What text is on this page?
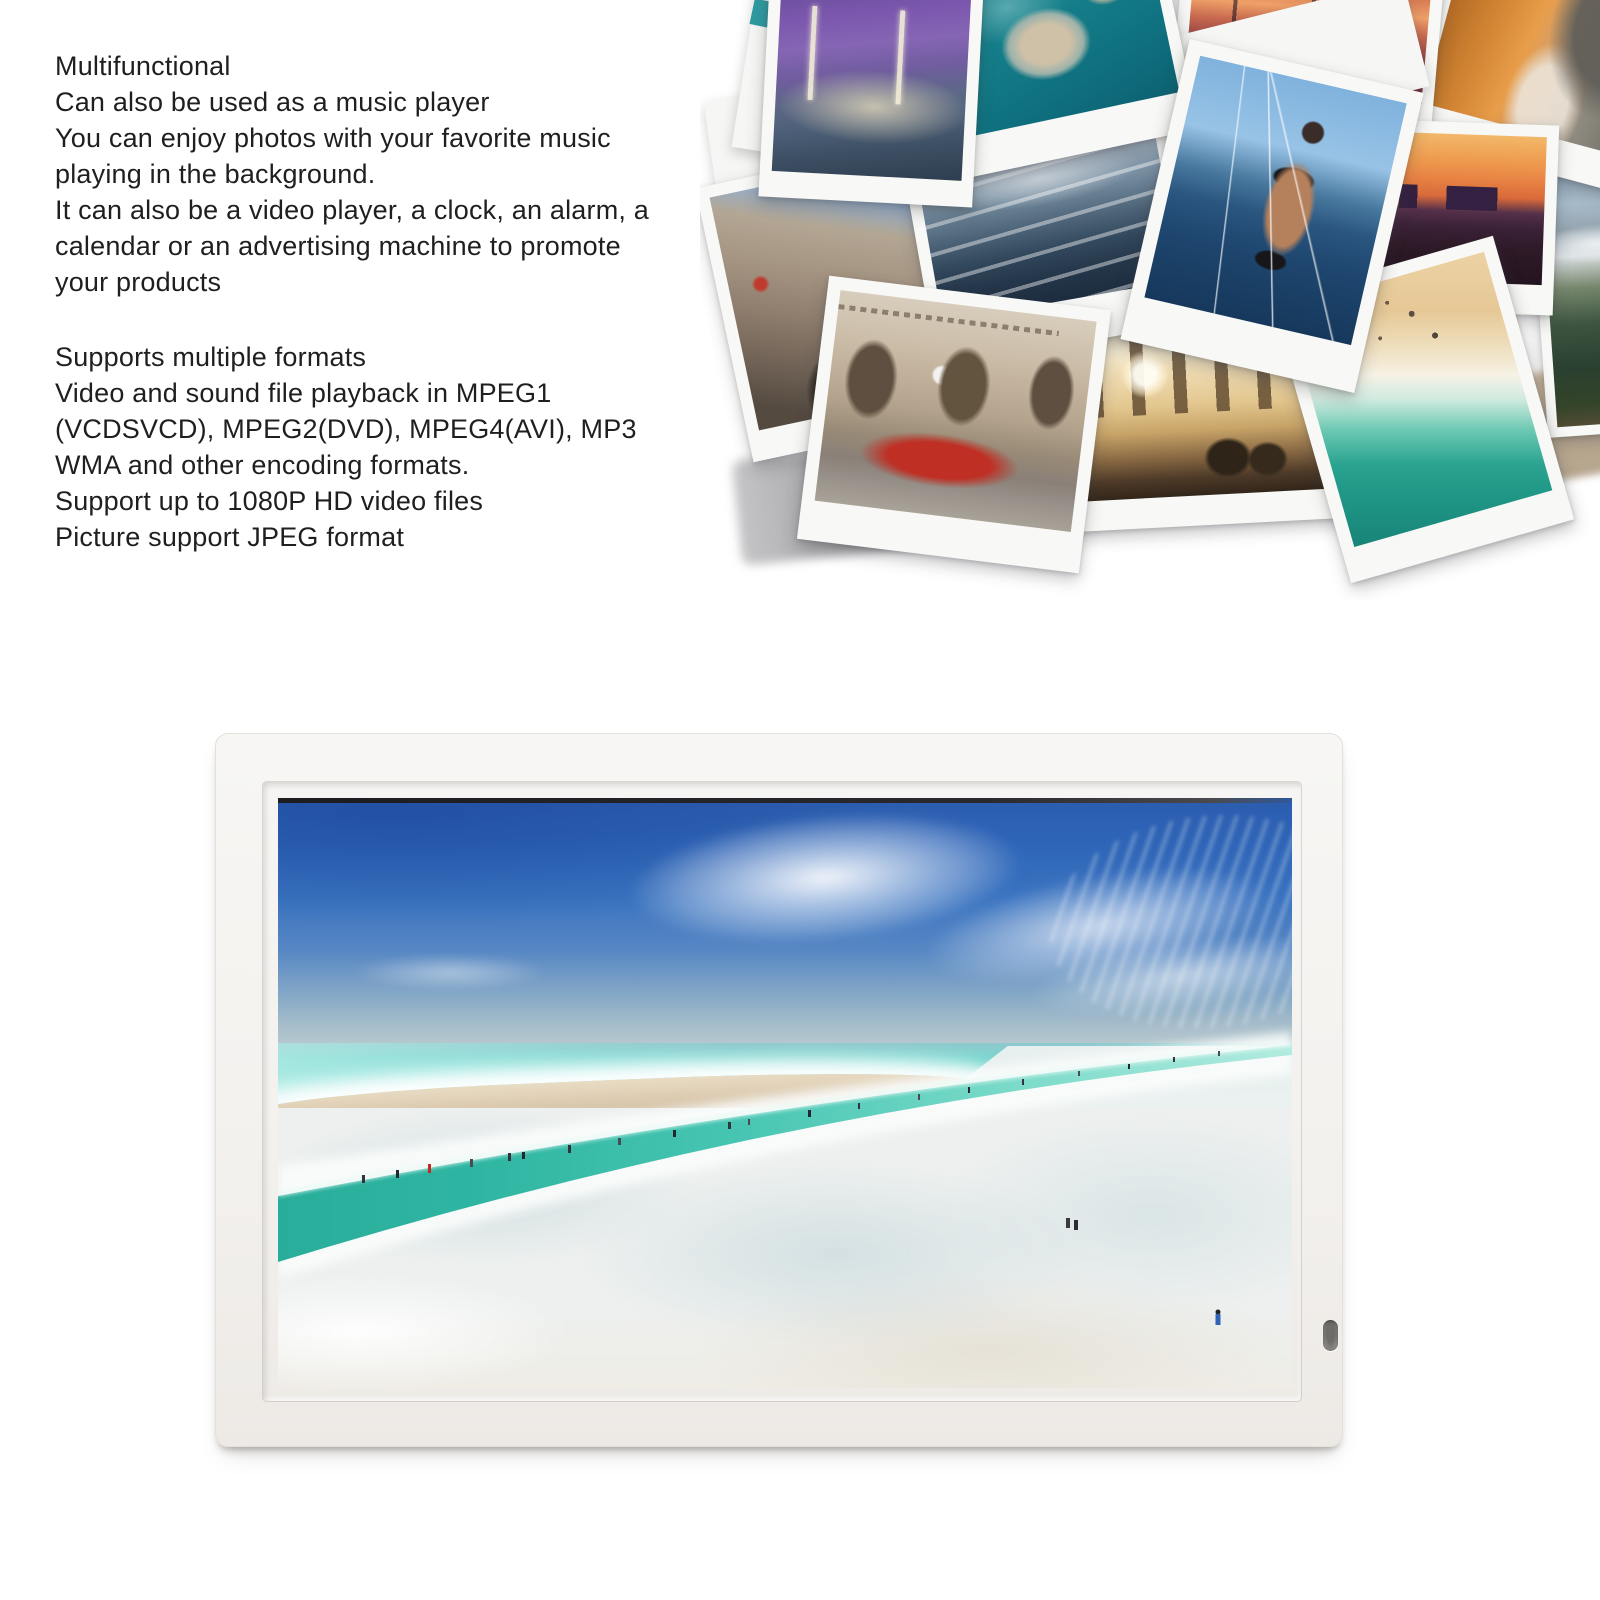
Multifunctional
Can also be used as a music player
You can enjoy photos with your favorite music
playing in the background.
It can also be a video player, a clock, an alarm, a
calendar or an advertising machine to promote
your products
Supports multiple formats
Video and sound file playback in MPEG1
(VCDSVCD), MPEG2(DVD), MPEG4(AVI), MP3
WMA and other encoding formats.
Support up to 1080P HD video files
Picture support JPEG format
